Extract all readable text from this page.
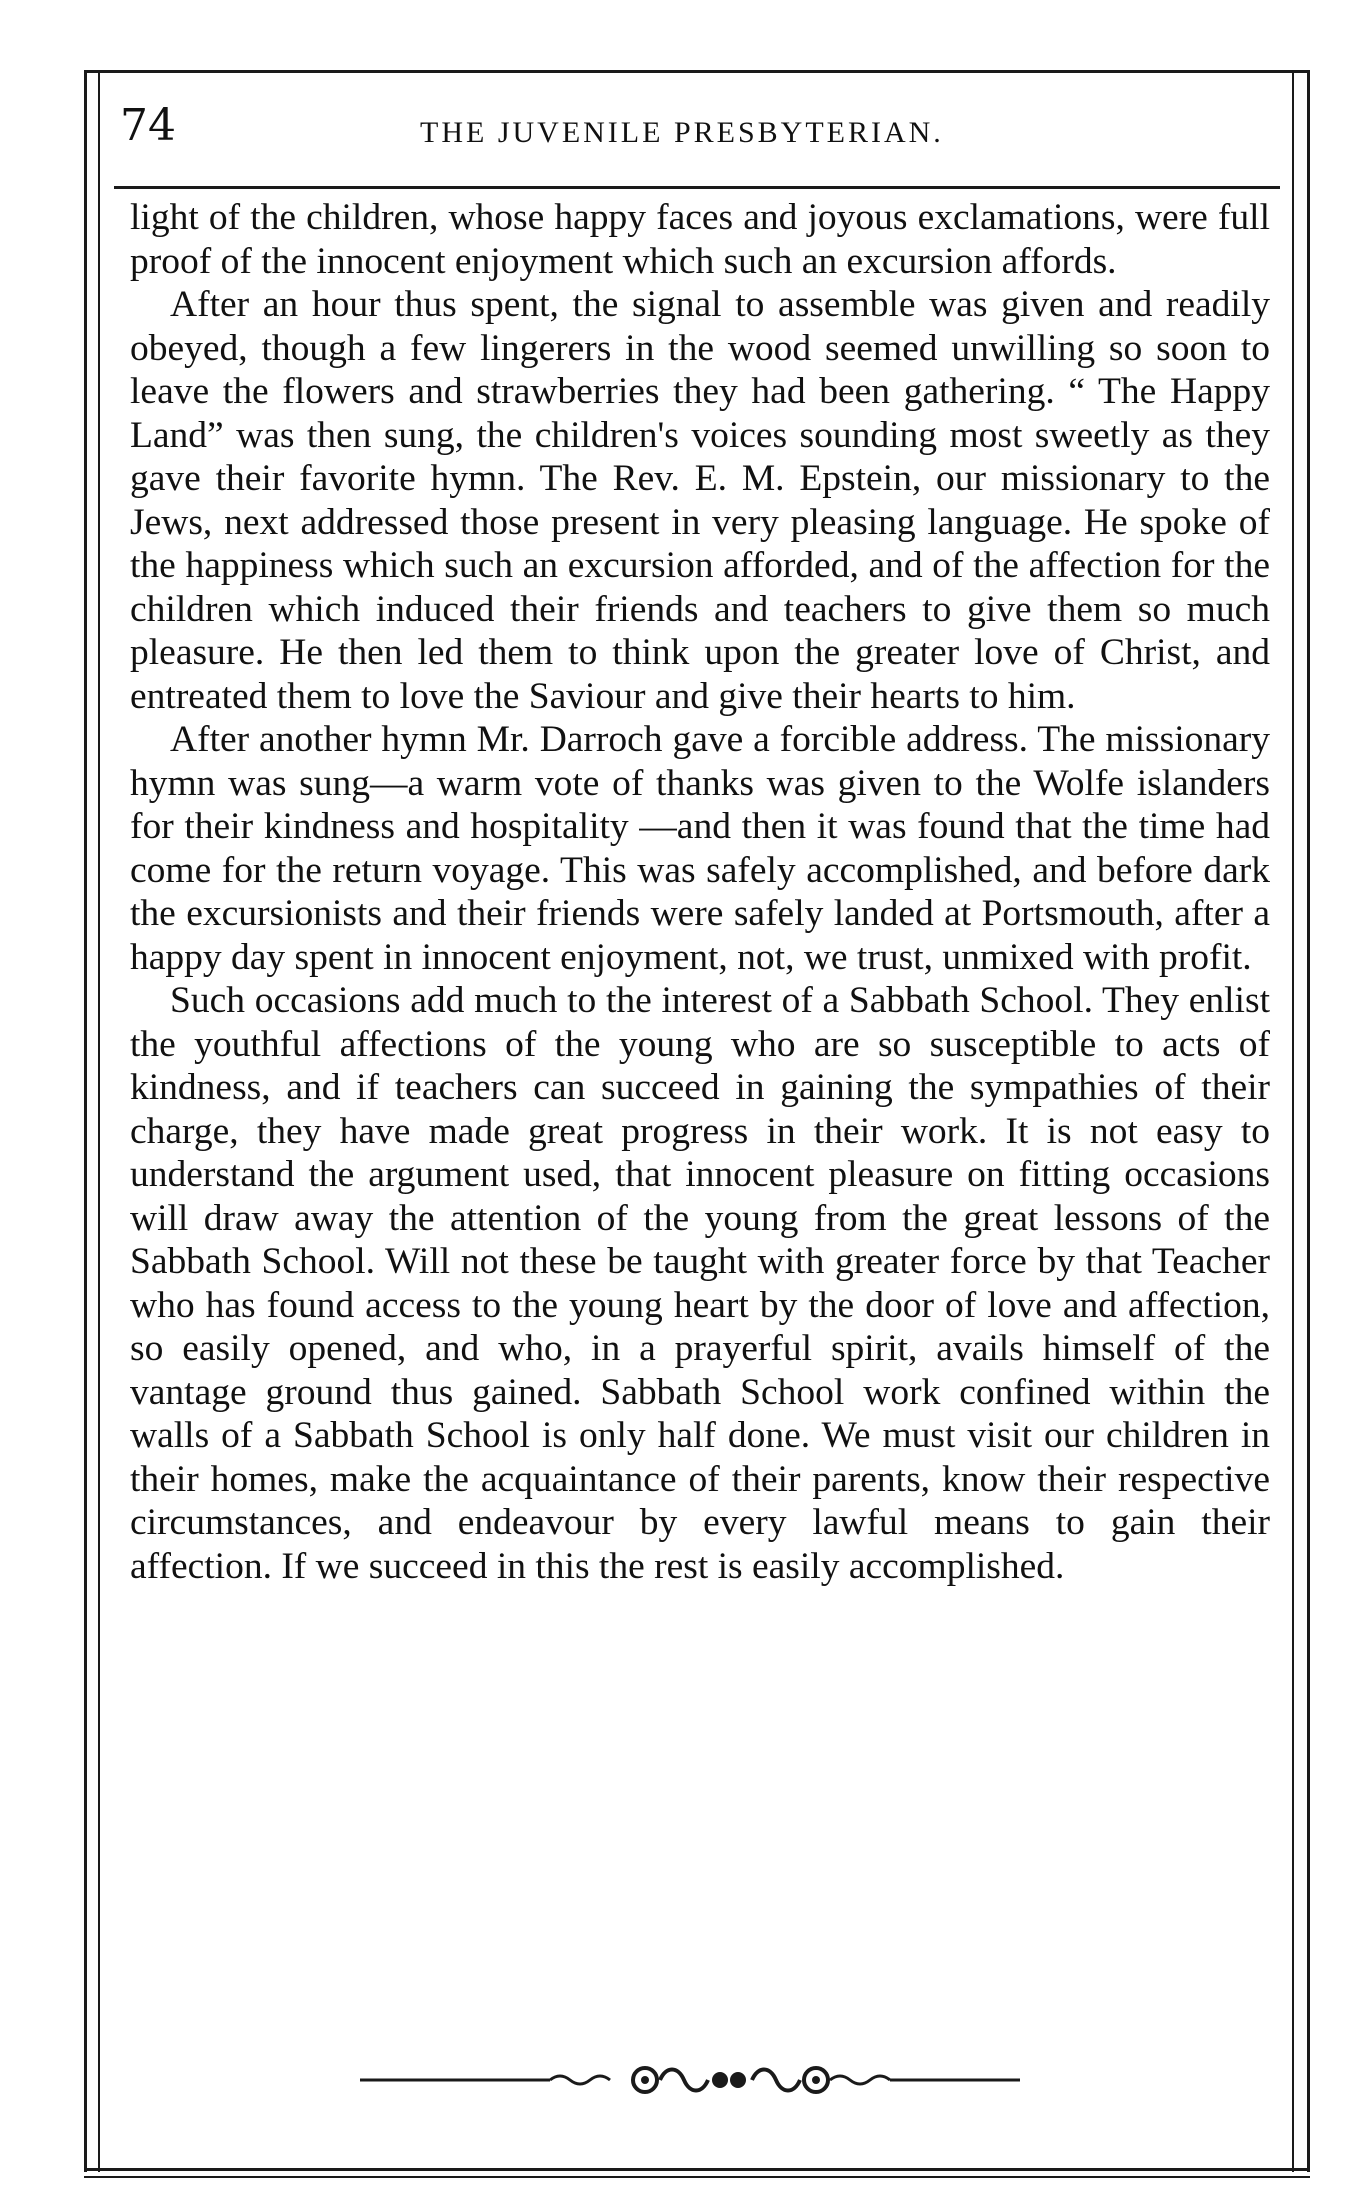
74	THE JUVENILE PRESBYTERIAN.

light of the children, whose happy faces and joyous exclamations, were full proof of the innocent enjoyment which such an excursion affords.

After an hour thus spent, the signal to assemble was given and readily obeyed, though a few lingerers in the wood seemed unwilling so soon to leave the flowers and strawberries they had been gathering. “ The Happy Land” was then sung, the children's voices sounding most sweetly as they gave their favorite hymn. The Rev. E. M. Epstein, our missionary to the Jews, next addressed those present in very pleasing language. He spoke of the happiness which such an excursion afforded, and of the affection for the children which induced their friends and teachers to give them so much pleasure. He then led them to think upon the greater love of Christ, and entreated them to love the Saviour and give their hearts to him.

After another hymn Mr. Darroch gave a forcible address. The missionary hymn was sung—a warm vote of thanks was given to the Wolfe islanders for their kindness and hospitality —and then it was found that the time had come for the return voyage. This was safely accomplished, and before dark the excursionists and their friends were safely landed at Portsmouth, after a happy day spent in innocent enjoyment, not, we trust, unmixed with profit.

Such occasions add much to the interest of a Sabbath School. They enlist the youthful affections of the young who are so susceptible to acts of kindness, and if teachers can succeed in gaining the sympathies of their charge, they have made great progress in their work. It is not easy to understand the argument used, that innocent pleasure on fitting occasions will draw away the attention of the young from the great lessons of the Sabbath School. Will not these be taught with greater force by that Teacher who has found access to the young heart by the door of love and affection, so easily opened, and who, in a prayerful spirit, avails himself of the vantage ground thus gained. Sabbath School work confined within the walls of a Sabbath School is only half done. We must visit our children in their homes, make the acquaintance of their parents, know their respective circumstances, and endeavour by every lawful means to gain their affection. If we succeed in this the rest is easily accomplished.
